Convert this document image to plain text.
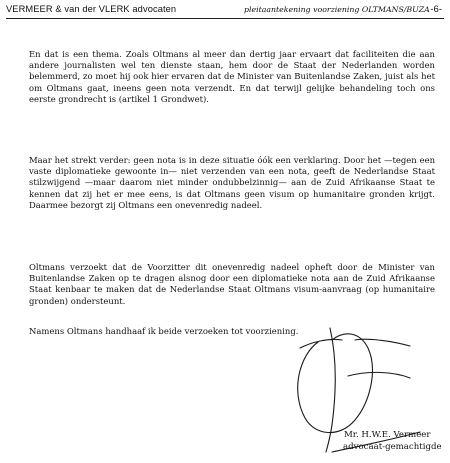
VERMEER & van der VLERK advocaten	pleitaantekening voorziening OLTMANS/BUZA -6-

En dat is een thema. Zoals Oltmans al meer dan dertig jaar ervaart dat faciliteiten die aan andere journalisten wel ten dienste staan, hem door de Staat der Nederlanden worden belemmerd, zo moet hij ook hier ervaren dat de Minister van Buitenlandse Zaken, juist als het om Oltmans gaat, ineens geen nota verzendt. En dat terwijl gelijke behandeling toch ons eerste grondrecht is (artikel 1 Grondwet).

Maar het strekt verder: geen nota is in deze situatie óók een verklaring. Door het —tegen een vaste diplomatieke gewoonte in— niet verzenden van een nota, geeft de Nederlandse Staat stilzwijgend —maar daarom niet minder ondubbelzinnig— aan de Zuid Afrikaanse Staat te kennen dat zij het er mee eens, is dat Oltmans geen visum op humanitaire gronden krijgt. Daarmee bezorgt zij Oltmans een onevenredig nadeel.

Oltmans verzoekt dat de Voorzitter dit onevenredig nadeel opheft door de Minister van Buitenlandse Zaken op te dragen alsnog door een diplomatieke nota aan de Zuid Afrikaanse Staat kenbaar te maken dat de Nederlandse Staat Oltmans visum-aanvraag (op humanitaire gronden) ondersteunt.

Namens Oltmans handhaaf ik beide verzoeken tot voorziening.

Mr. H.W.E. Vermeer
advocaat-gemachtigde
